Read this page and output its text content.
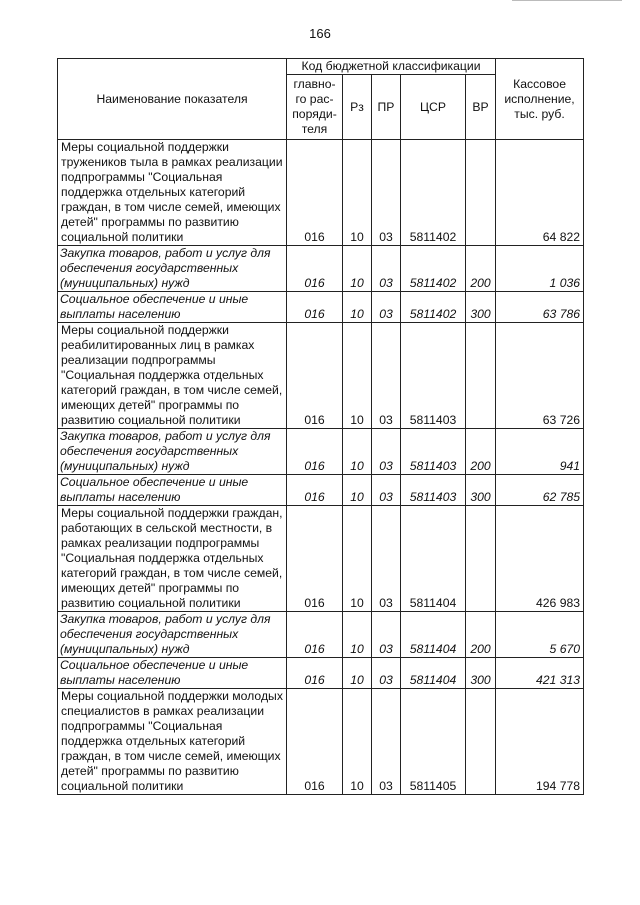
166
Наименование показателя	Код бюджетной классификации					Кассовое
исполнение,
тыс. руб.
	главно-
го рас-
поряди-
теля	Рз	ПР	ЦСР	ВР	
Меры социальной поддержки тружеников тыла в рамках реализации подпрограммы "Социальная поддержка отдельных категорий граждан, в том числе семей, имеющих детей" программы по развитию социальной политики	016	10	03	5811402		64 822
Закупка товаров, работ и услуг для обеспечения государственных (муниципальных) нужд	016	10	03	5811402	200	1 036
Социальное обеспечение и иные выплаты населению	016	10	03	5811402	300	63 786
Меры социальной поддержки реабилитированных лиц в рамках реализации подпрограммы "Социальная поддержка отдельных категорий граждан, в том числе семей, имеющих детей" программы по развитию социальной политики	016	10	03	5811403		63 726
Закупка товаров, работ и услуг для обеспечения государственных (муниципальных) нужд	016	10	03	5811403	200	941
Социальное обеспечение и иные выплаты населению	016	10	03	5811403	300	62 785
Меры социальной поддержки граждан, работающих в сельской местности, в рамках реализации подпрограммы "Социальная поддержка отдельных категорий граждан, в том числе семей, имеющих детей" программы по развитию социальной политики	016	10	03	5811404		426 983
Закупка товаров, работ и услуг для обеспечения государственных (муниципальных) нужд	016	10	03	5811404	200	5 670
Социальное обеспечение и иные выплаты населению	016	10	03	5811404	300	421 313
Меры социальной поддержки молодых специалистов в рамках реализации подпрограммы "Социальная поддержка отдельных категорий граждан, в том числе семей, имеющих детей" программы по развитию социальной политики	016	10	03	5811405		194 778
